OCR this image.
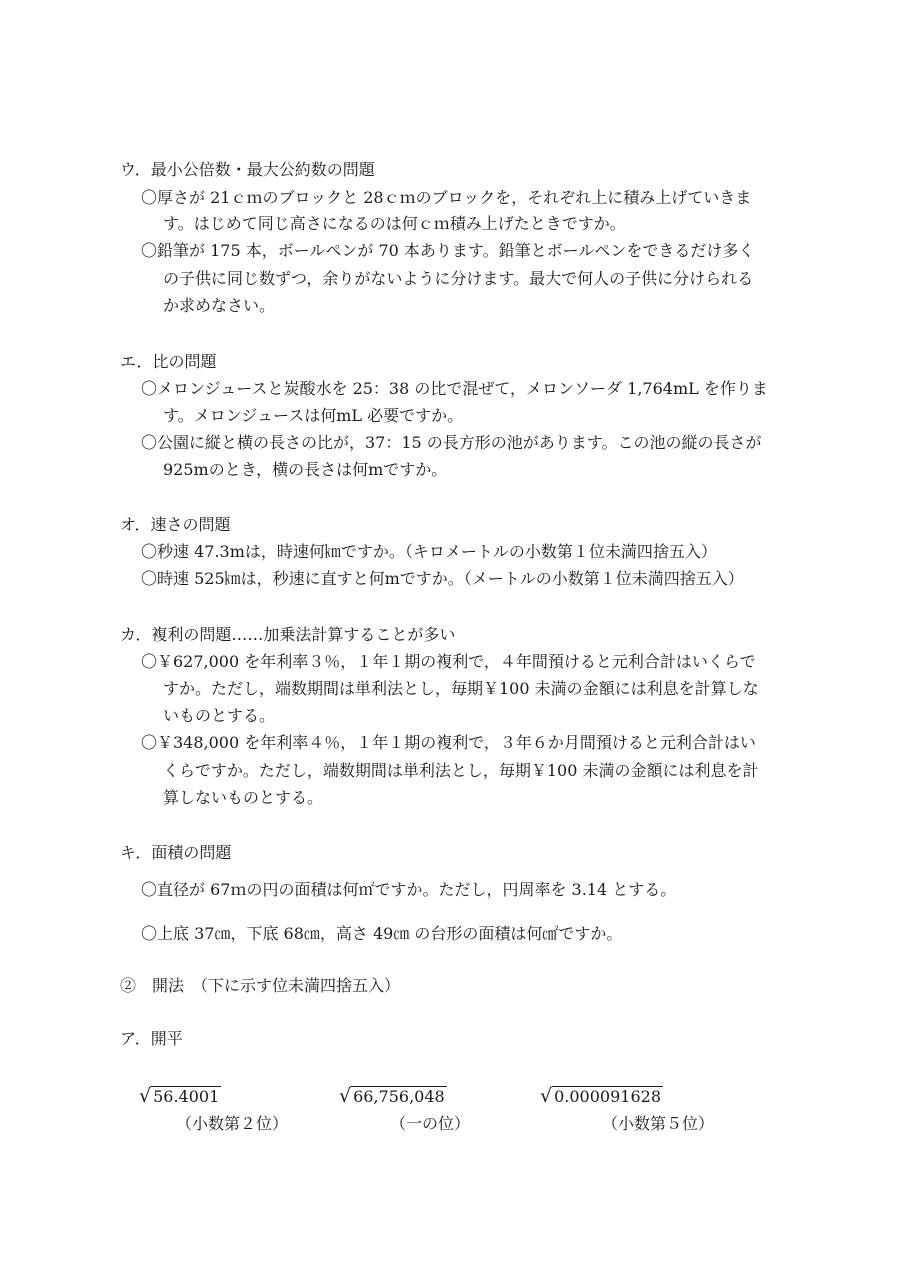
ウ．最小公倍数・最大公約数の問題
〇厚さが 21ｃｍのブロックと 28ｃｍのブロックを，それぞれ上に積み上げていきま
す。はじめて同じ高さになるのは何ｃｍ積み上げたときですか。
〇鉛筆が 175 本，ボールペンが 70 本あります。鉛筆とボールペンをできるだけ多く
の子供に同じ数ずつ，余りがないように分けます。最大で何人の子供に分けられる
か求めなさい。
エ．比の問題
〇メロンジュースと炭酸水を 25：38 の比で混ぜて，メロンソーダ 1,764mL を作りま
す。メロンジュースは何mL 必要ですか。
〇公園に縦と横の長さの比が，37：15 の長方形の池があります。この池の縦の長さが
925mのとき，横の長さは何mですか。
オ．速さの問題
〇秒速 47.3mは，時速何㎞ですか。（キロメートルの小数第１位未満四捨五入）
〇時速 525㎞は，秒速に直すと何mですか。（メートルの小数第１位未満四捨五入）
カ．複利の問題……加乗法計算することが多い
〇￥627,000 を年利率３％，１年１期の複利で，４年間預けると元利合計はいくらで
すか。ただし，端数期間は単利法とし，毎期￥100 未満の金額には利息を計算しな
いものとする。
〇￥348,000 を年利率４％，１年１期の複利で，３年６か月間預けると元利合計はい
くらですか。ただし，端数期間は単利法とし，毎期￥100 未満の金額には利息を計
算しないものとする。
キ．面積の問題
〇直径が 67ｍの円の面積は何㎡ですか。ただし，円周率を 3.14 とする。
〇上底 37㎝，下底 68㎝，高さ 49㎝ の台形の面積は何㎠ですか。
②　開法　（下に示す位未満四捨五入）
ア．開平
√ 56.4001
（小数第２位）
√ 66,756,048
（一の位）
√ 0.000091628
（小数第５位）
